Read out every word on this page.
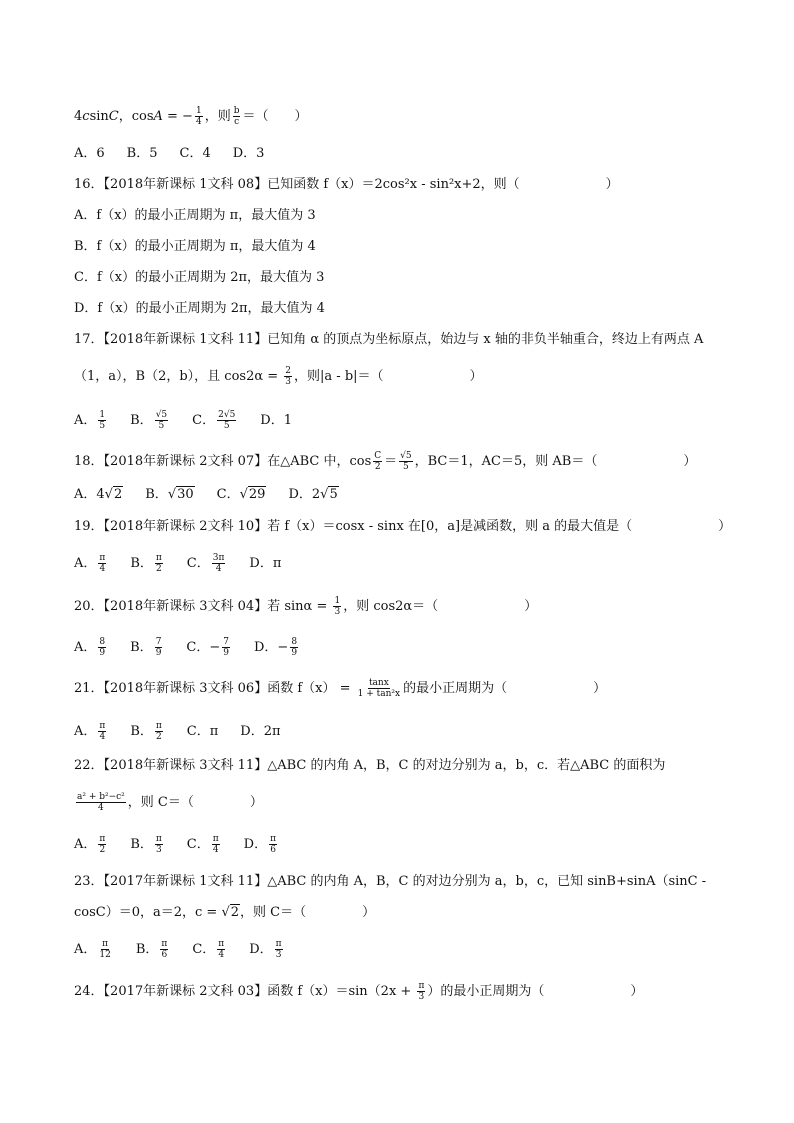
4csinC，cosA = − $\frac{1}{4}$ ，则 $\frac{b}{c}$ ＝（　　）
A．6 B．5 C．4 D．3
16．【2018年新课标 1文科 08】已知函数 f（x）＝2cos²x - sin²x+2，则（	）
A．f（x）的最小正周期为 π，最大值为 3
B．f（x）的最小正周期为 π，最大值为 4
C．f（x）的最小正周期为 2π，最大值为 3
D．f（x）的最小正周期为 2π，最大值为 4
17．【2018年新课标 1文科 11】已知角 α 的顶点为坐标原点，始边与 x 轴的非负半轴重合，终边上有两点 A
（1，a），B（2，b），且 $\cos 2\alpha = \frac{2}{3}$ ，则|a - b|＝（	）
A． $\frac{1}{5}$ B． $\frac{√5}{5}$ C． $\frac{2√5}{5}$ D．1
18．【2018年新课标 2文科 07】在△ABC 中，$\cos \frac{C}{2} = \frac{√5}{5}$ ，BC＝1，AC＝5，则 AB＝（	）
A．4√2 B．√30 C．√29 D．2√5
19．【2018年新课标 2文科 10】若 f（x）＝cosx - sinx 在[0，a]是减函数，则 a 的最大值是（	）
A． $\frac{\pi}{4}$ B． $\frac{\pi}{2}$ C． $\frac{3\pi}{4}$ D．π
20．【2018年新课标 3文科 04】若 $\sin\alpha = \frac{1}{3}$ ，则 cos2α＝（	）
A． $\frac{8}{9}$ B． $\frac{7}{9}$ C．− $\frac{7}{9}$ D．− $\frac{8}{9}$
21．【2018年新课标 3文科 06】函数 $f(x) = \frac{\tan x}{\text{1 + tan²x}}$ 的最小正周期为（	）
A． $\frac{\pi}{4}$ B． $\frac{\pi}{2}$ C．π D．2π
22．【2018年新课标 3文科 11】△ABC 的内角 A，B，C 的对边分别为 a，b，c．若△ABC 的面积为
$\frac{\text{a² + b²−c²}}{4}$ ，则 C＝（	）
A． $\frac{\pi}{2}$ B． $\frac{\pi}{3}$ C． $\frac{\pi}{4}$ D． $\frac{\pi}{6}$
23．【2017年新课标 1文科 11】△ABC 的内角 A，B，C 的对边分别为 a，b，c，已知 sinB+sinA（sinC -
cosC）＝0，a＝2，c = √2，则 C＝（	）
A． $\frac{\pi}{12}$ B． $\frac{\pi}{6}$ C． $\frac{\pi}{4}$ D． $\frac{\pi}{3}$
24．【2017年新课标 2文科 03】函数 $f(x)=\sin(2x + \frac{\pi}{3}$ ）的最小正周期为（	）
